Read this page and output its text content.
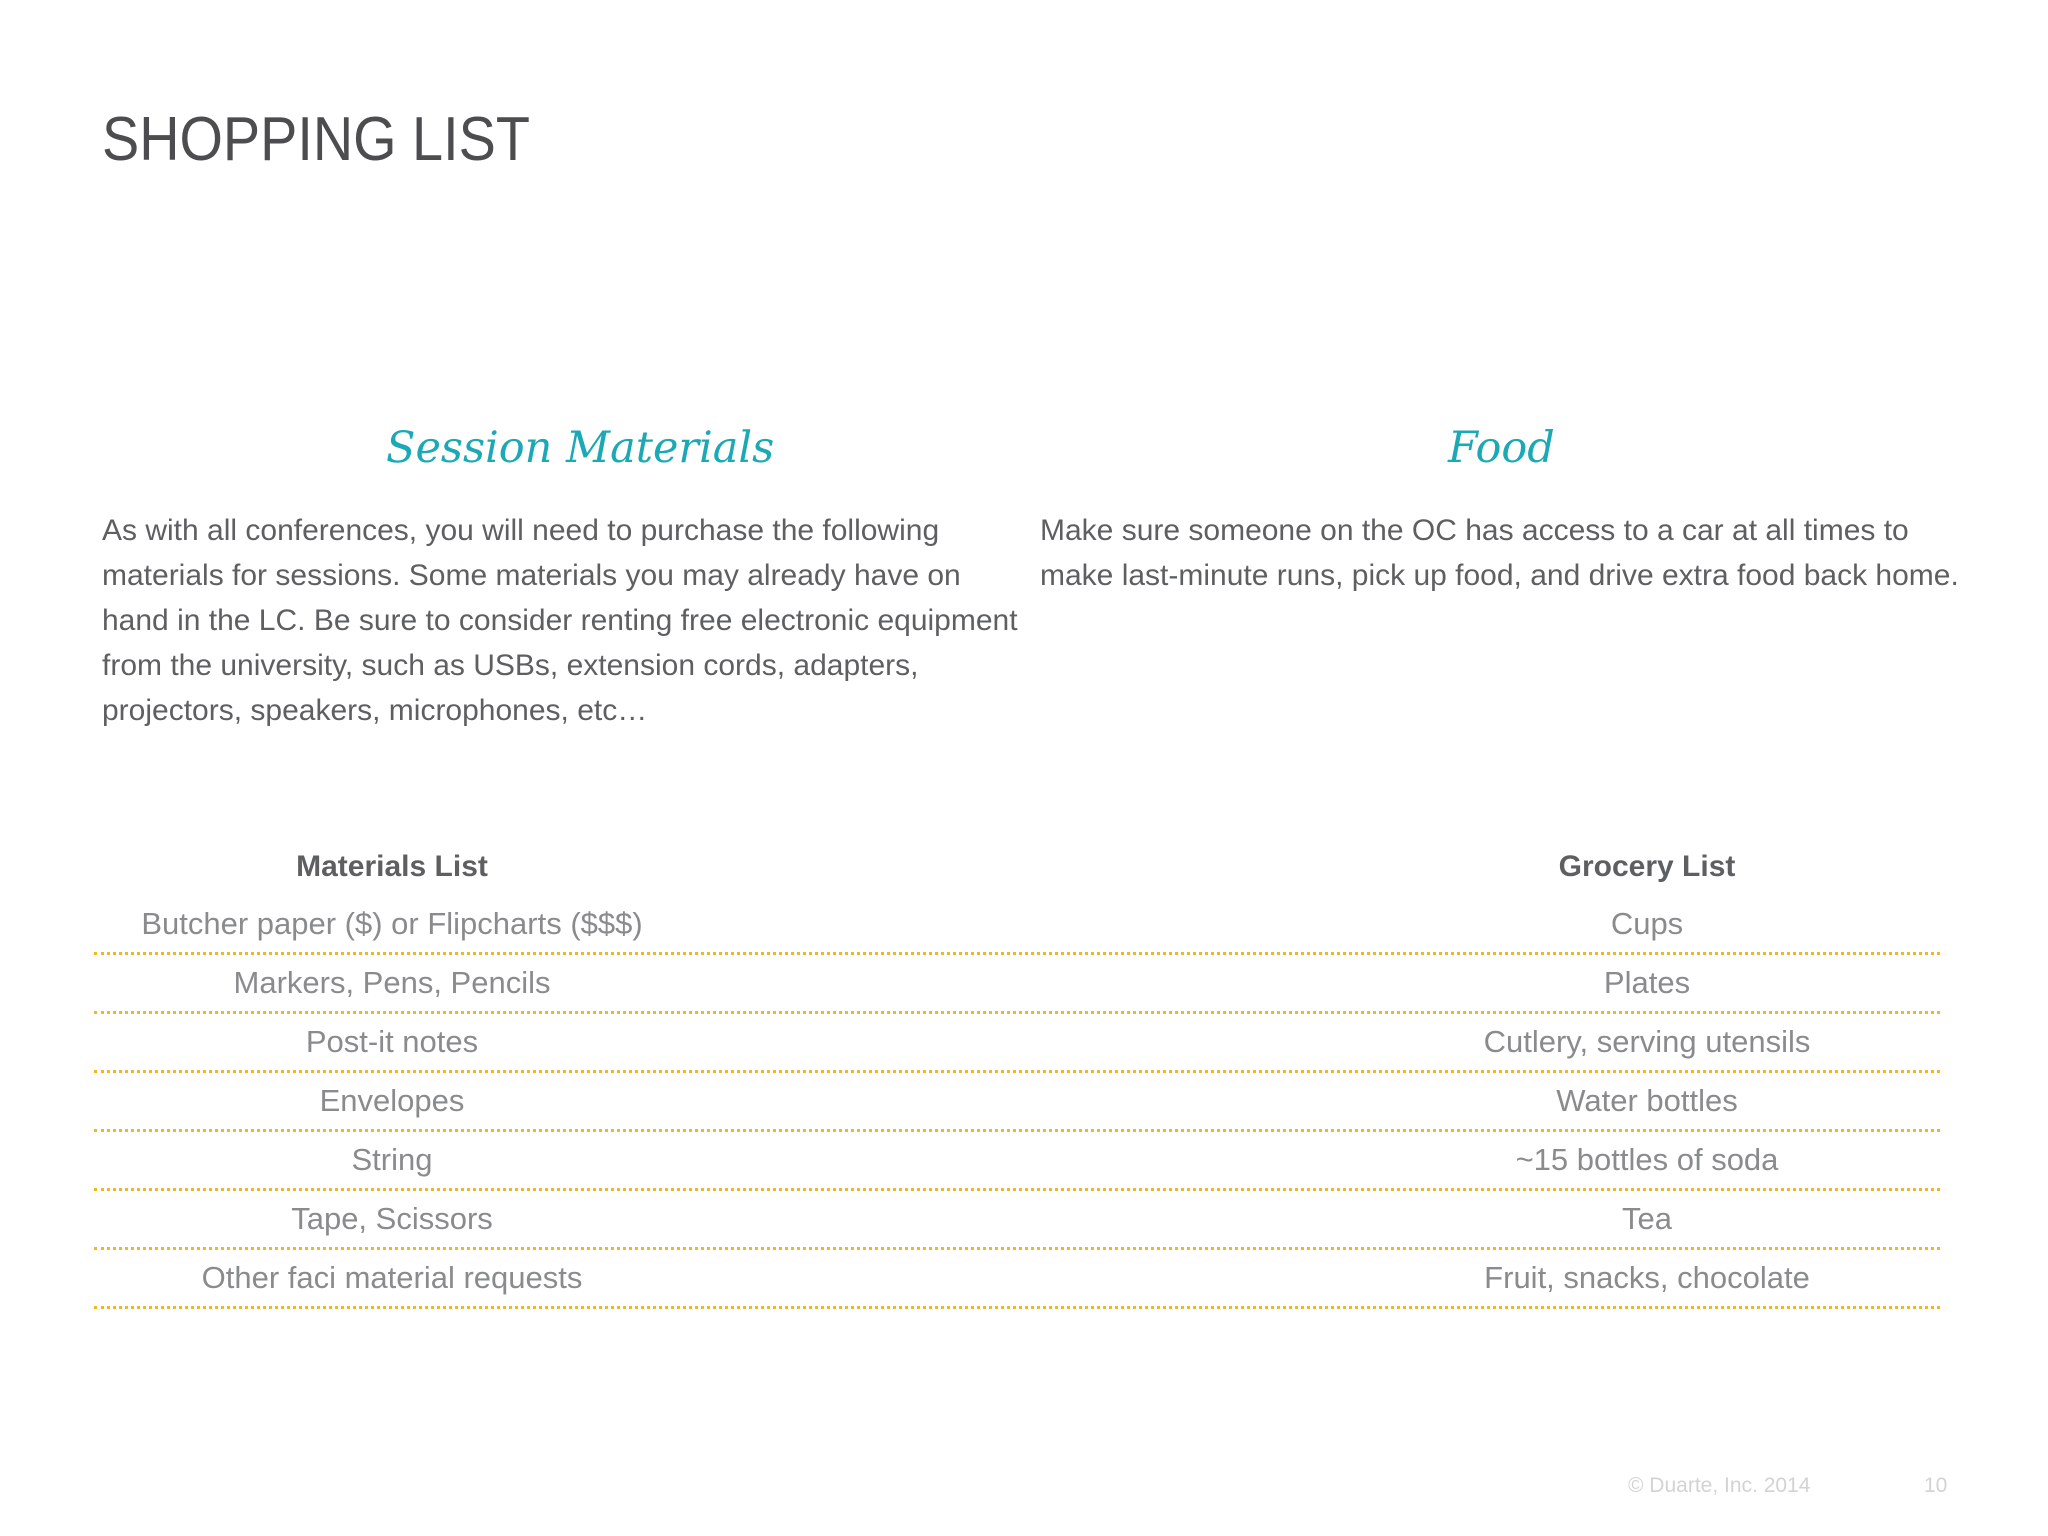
SHOPPING LIST
Session Materials	Food
As with all conferences, you will need to purchase the following materials for sessions. Some materials you may already have on hand in the LC. Be sure to consider renting free electronic equipment from the university, such as USBs, extension cords, adapters, projectors, speakers, microphones, etc…
Make sure someone on the OC has access to a car at all times to make last-minute runs, pick up food, and drive extra food back home.
Materials List	Grocery List
Butcher paper ($) or Flipcharts ($$$)	Cups
Markers, Pens, Pencils	Plates
Post-it notes	Cutlery, serving utensils
Envelopes	Water bottles
String	~15 bottles of soda
Tape, Scissors	Tea
Other faci material requests	Fruit, snacks, chocolate
© Duarte, Inc. 2014	10
